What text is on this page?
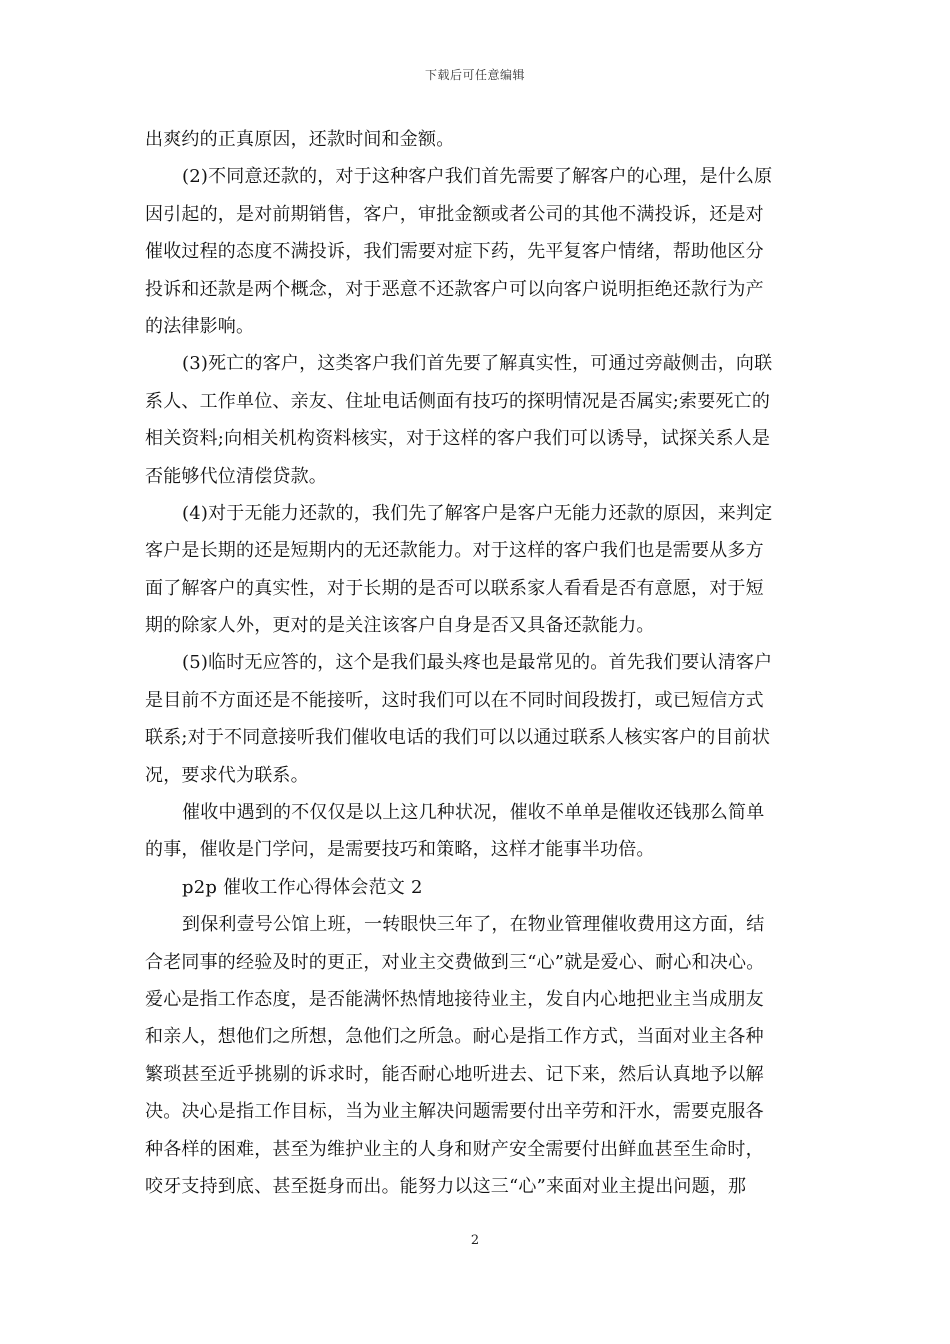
下载后可任意编辑
出爽约的正真原因，还款时间和金额。
(2)不同意还款的，对于这种客户我们首先需要了解客户的心理，是什么原
因引起的，是对前期销售，客户，审批金额或者公司的其他不满投诉，还是对
催收过程的态度不满投诉，我们需要对症下药，先平复客户情绪，帮助他区分
投诉和还款是两个概念，对于恶意不还款客户可以向客户说明拒绝还款行为产
的法律影响。
(3)死亡的客户，这类客户我们首先要了解真实性，可通过旁敲侧击，向联
系人、工作单位、亲友、住址电话侧面有技巧的探明情况是否属实;索要死亡的
相关资料;向相关机构资料核实，对于这样的客户我们可以诱导，试探关系人是
否能够代位清偿贷款。
(4)对于无能力还款的，我们先了解客户是客户无能力还款的原因，来判定
客户是长期的还是短期内的无还款能力。对于这样的客户我们也是需要从多方
面了解客户的真实性，对于长期的是否可以联系家人看看是否有意愿，对于短
期的除家人外，更对的是关注该客户自身是否又具备还款能力。
(5)临时无应答的，这个是我们最头疼也是最常见的。首先我们要认清客户
是目前不方面还是不能接听，这时我们可以在不同时间段拨打，或已短信方式
联系;对于不同意接听我们催收电话的我们可以以通过联系人核实客户的目前状
况，要求代为联系。
催收中遇到的不仅仅是以上这几种状况，催收不单单是催收还钱那么简单
的事，催收是门学问，是需要技巧和策略，这样才能事半功倍。
p2p 催收工作心得体会范文 2
到保利壹号公馆上班，一转眼快三年了，在物业管理催收费用这方面，结
合老同事的经验及时的更正，对业主交费做到三“心”就是爱心、耐心和决心。
爱心是指工作态度，是否能满怀热情地接待业主，发自内心地把业主当成朋友
和亲人，想他们之所想，急他们之所急。耐心是指工作方式，当面对业主各种
繁琐甚至近乎挑剔的诉求时，能否耐心地听进去、记下来，然后认真地予以解
决。决心是指工作目标，当为业主解决问题需要付出辛劳和汗水，需要克服各
种各样的困难，甚至为维护业主的人身和财产安全需要付出鲜血甚至生命时，
咬牙支持到底、甚至挺身而出。能努力以这三“心”来面对业主提出问题，那
2
